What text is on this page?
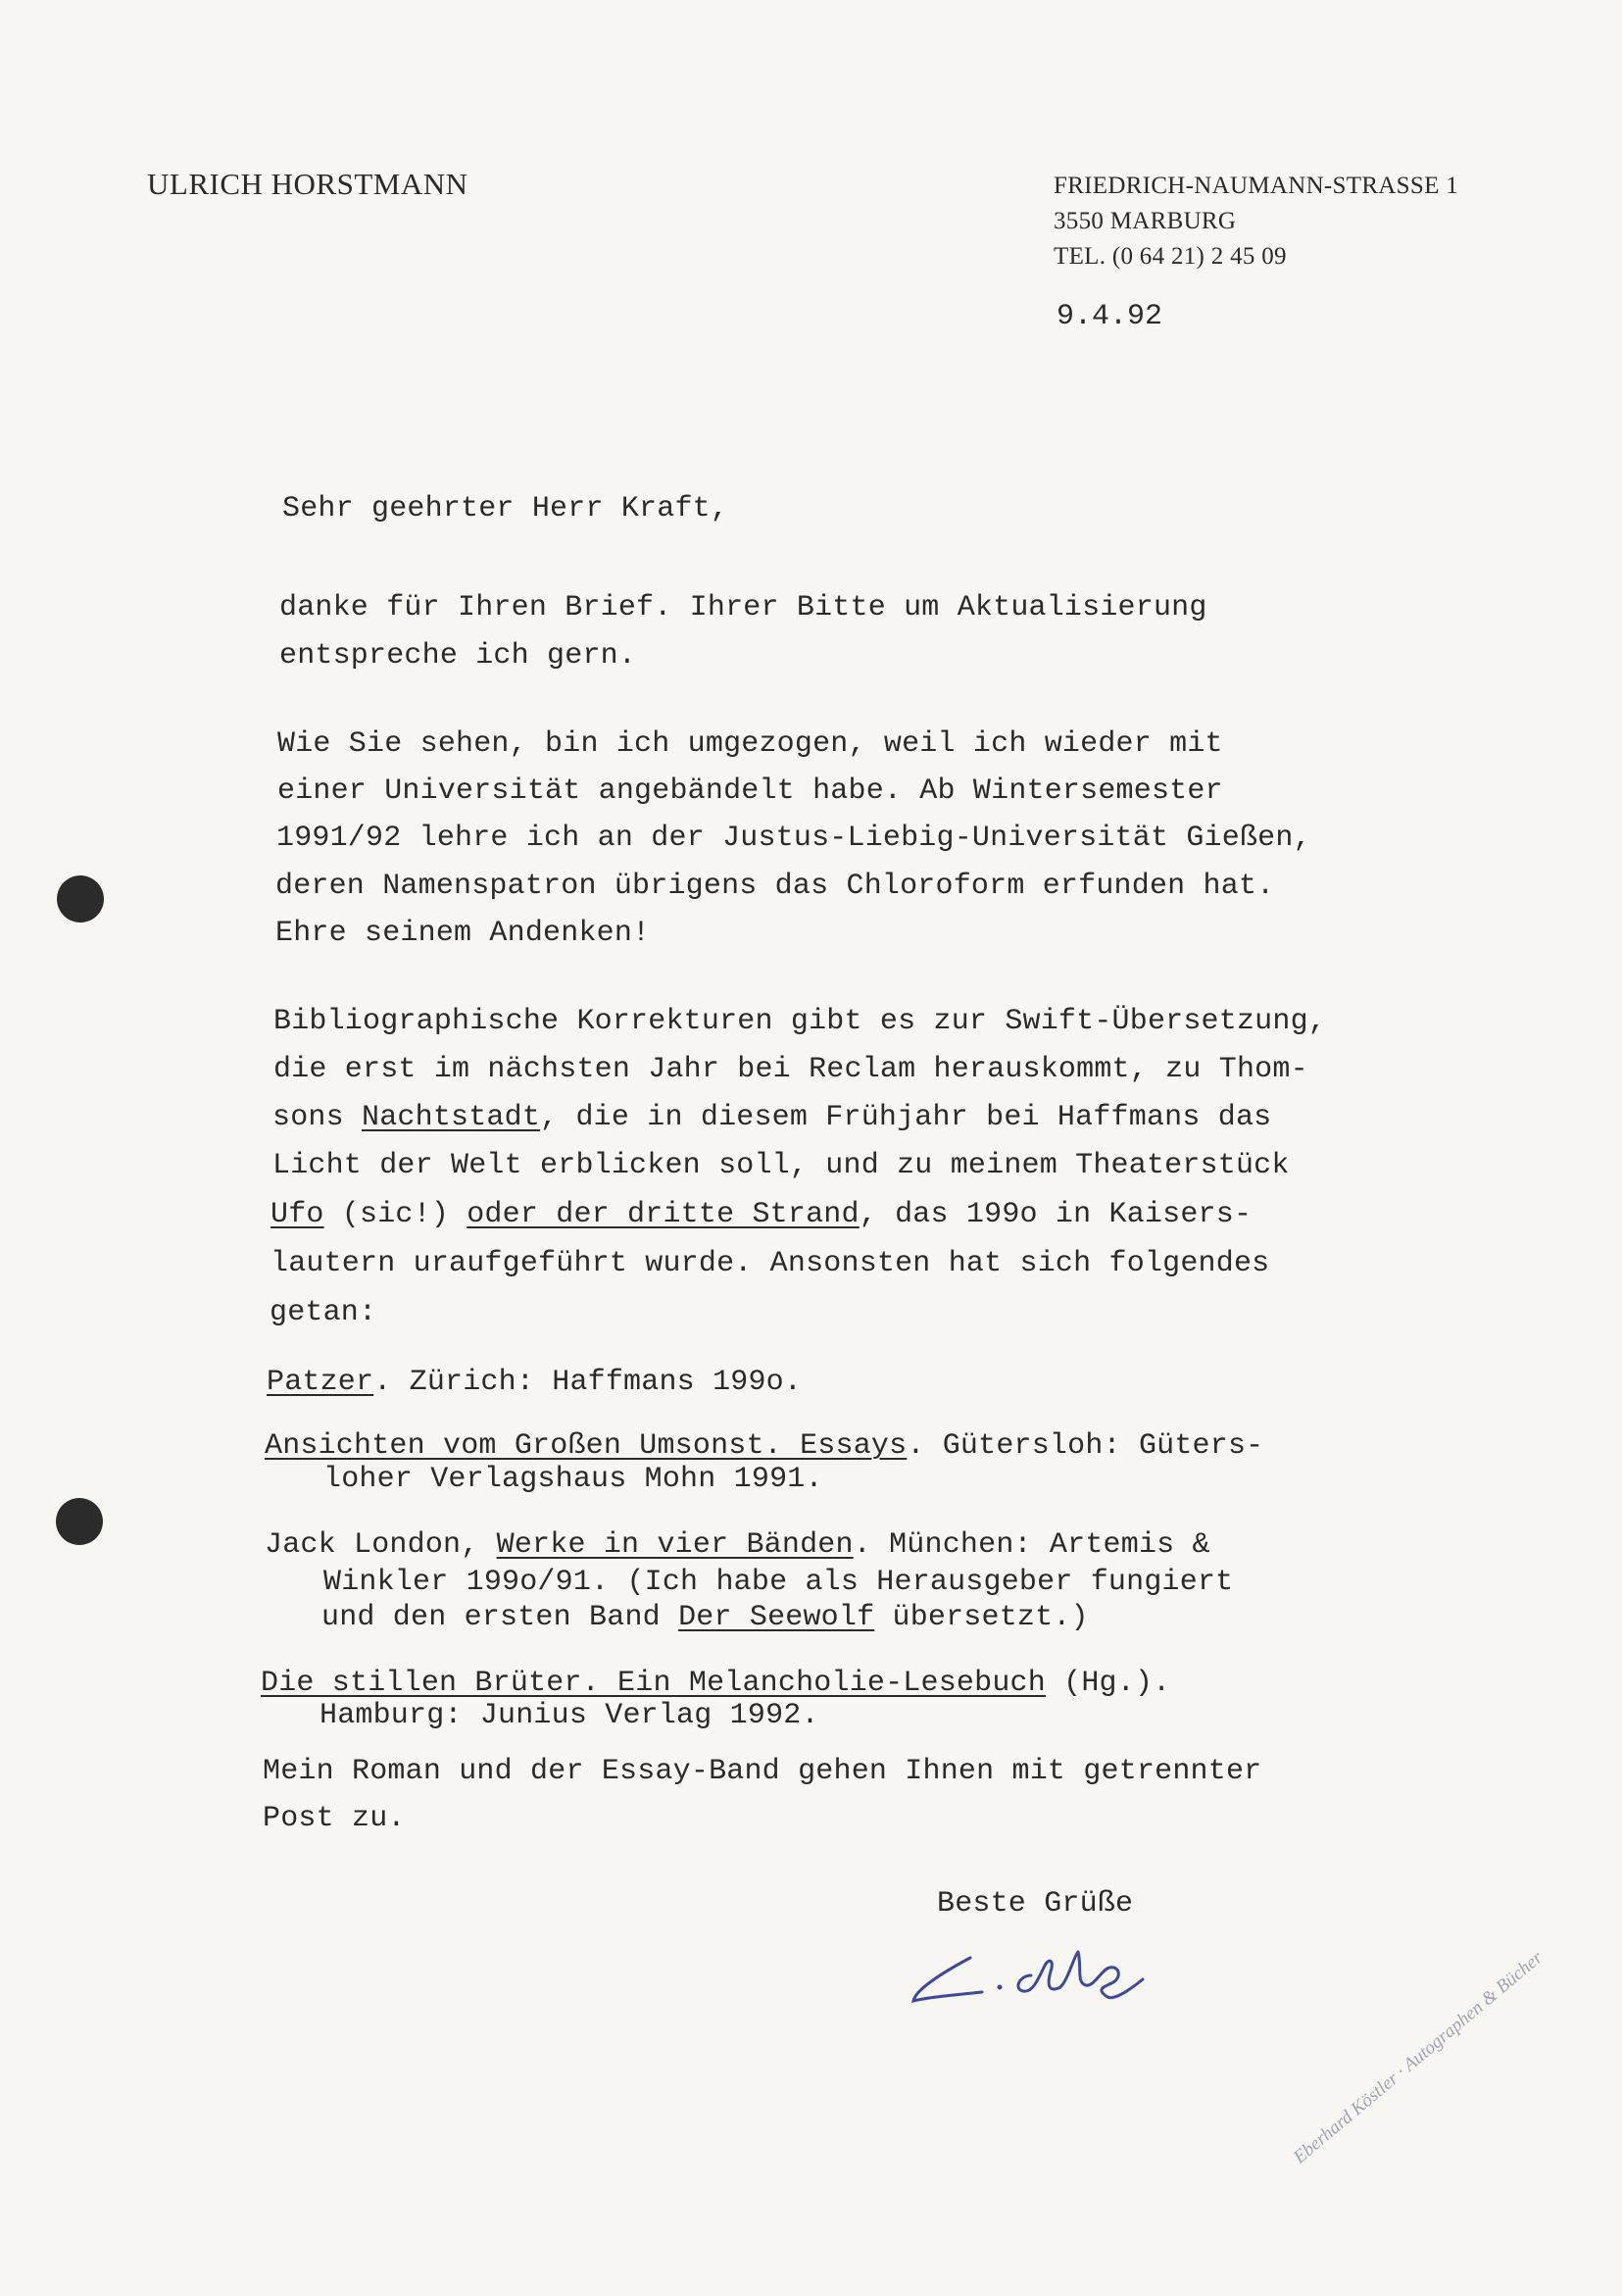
ULRICH HORSTMANN	FRIEDRICH-NAUMANN-STRASSE 1
3550 MARBURG
TEL. (0 64 21) 2 45 09
9.4.92
Sehr geehrter Herr Kraft,
danke für Ihren Brief. Ihrer Bitte um Aktualisierung
entspreche ich gern.
Wie Sie sehen, bin ich umgezogen, weil ich wieder mit
einer Universität angebändelt habe. Ab Wintersemester
1991/92 lehre ich an der Justus-Liebig-Universität Gießen,
deren Namenspatron übrigens das Chloroform erfunden hat.
Ehre seinem Andenken!
Bibliographische Korrekturen gibt es zur Swift-Übersetzung,
die erst im nächsten Jahr bei Reclam herauskommt, zu Thom-
sons Nachtstadt, die in diesem Frühjahr bei Haffmans das
Licht der Welt erblicken soll, und zu meinem Theaterstück
Ufo (sic!) oder der dritte Strand, das 199o in Kaisers-
lautern uraufgeführt wurde. Ansonsten hat sich folgendes
getan:
Patzer. Zürich: Haffmans 199o.
Ansichten vom Großen Umsonst. Essays. Gütersloh: Güters-
loher Verlagshaus Mohn 1991.
Jack London, Werke in vier Bänden. München: Artemis &
Winkler 199o/91. (Ich habe als Herausgeber fungiert
und den ersten Band Der Seewolf übersetzt.)
Die stillen Brüter. Ein Melancholie-Lesebuch (Hg.).
Hamburg: Junius Verlag 1992.
Mein Roman und der Essay-Band gehen Ihnen mit getrennter
Post zu.
Beste Grüße
Eberhard Köstler · Autographen & Bücher
